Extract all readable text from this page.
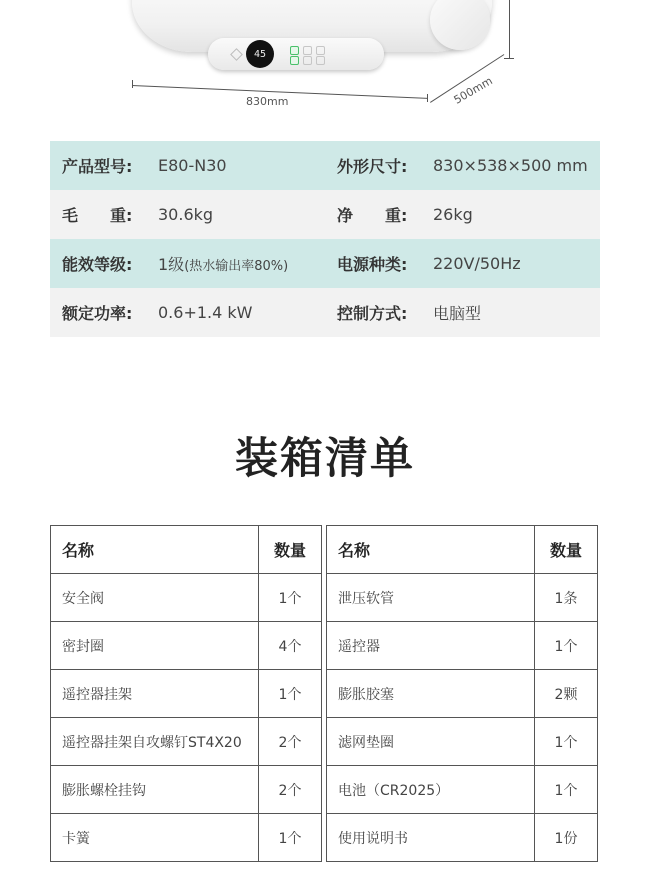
45
830mm	500mm
产品型号:	E80-N30	外形尺寸:	830×538×500 mm
毛　　重:	30.6kg	净　　重:	26kg
能效等级:	1级(热水输出率80%)	电源种类:	220V/50Hz
额定功率:	0.6+1.4 kW	控制方式:	电脑型
装箱清单
名称	数量
安全阀	1个
密封圈	4个
遥控器挂架	1个
遥控器挂架自攻螺钉ST4X20	2个
膨胀螺栓挂钩	2个
卡簧	1个
名称	数量
泄压软管	1条
遥控器	1个
膨胀胶塞	2颗
滤网垫圈	1个
电池（CR2025）	1个
使用说明书	1份
